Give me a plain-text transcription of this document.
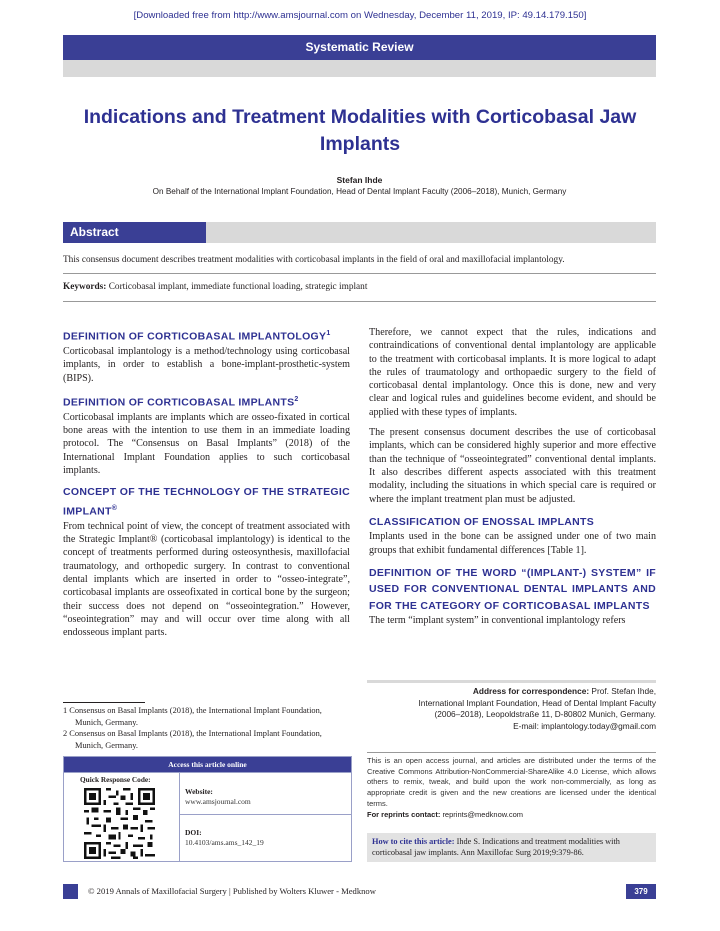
[Downloaded free from http://www.amsjournal.com on Wednesday, December 11, 2019, IP: 49.14.179.150]
Systematic Review
Indications and Treatment Modalities with Corticobasal Jaw Implants
Stefan Ihde
On Behalf of the International Implant Foundation, Head of Dental Implant Faculty (2006–2018), Munich, Germany
Abstract
This consensus document describes treatment modalities with corticobasal implants in the field of oral and maxillofacial implantology.
Keywords: Corticobasal implant, immediate functional loading, strategic implant
DEFINITION OF CORTICOBASAL IMPLANTOLOGY$^1$

Corticobasal implantology is a method/technology using corticobasal implants, in order to establish a bone-implant-prosthetic-system (BIPS).

DEFINITION OF CORTICOBASAL IMPLANTS$^2$

Corticobasal implants are implants which are osseo-fixated in cortical bone areas with the intention to use them in an immediate loading protocol. The “Consensus on Basal Implants” (2018) of the International Implant Foundation applies to such corticobasal implants.

CONCEPT OF THE TECHNOLOGY OF THE STRATEGIC IMPLANT®

From technical point of view, the concept of treatment associated with the Strategic Implant® (corticobasal implantology) is identical to the concept of treatments performed during osteosynthesis, maxillofacial traumatology, and orthopedic surgery. In contrast to conventional dental implants which are inserted in order to “osseo-integrate”, corticobasal implants are osseofixated in cortical bone by the surgeon; their success does not depend on “osseointegration.” However, “oseointegration” may and will occur over time along with all endosseous implant parts.

1 Consensus on Basal Implants (2018), the International Implant Foundation, Munich, Germany.
2 Consensus on Basal Implants (2018), the International Implant Foundation, Munich, Germany.

Therefore, we cannot expect that the rules, indications and contraindications of conventional dental implantology are applicable to the treatment with corticobasal implants. It is more logical to adapt the rules of traumatology and orthopaedic surgery to the field of corticobasal dental implantology. Once this is done, new and very clear and logical rules and guidelines become evident, and should be applied with these types of implants.

The present consensus document describes the use of corticobasal implants, which can be considered highly superior and more effective than the technique of “osseointegrated” conventional dental implants. It also describes different aspects associated with this treatment modality, including the situations in which special care is required or where the implant treatment plan must be adjusted.

CLASSIFICATION OF ENOSSAL IMPLANTS

Implants used in the bone can be assigned under one of two main groups that exhibit fundamental differences [Table 1].

DEFINITION OF THE WORD “(IMPLANT-) SYSTEM” IF USED FOR CONVENTIONAL DENTAL IMPLANTS AND FOR THE CATEGORY OF CORTICOBASAL IMPLANTS

The term “implant system” in conventional implantology refers

Address for correspondence: Prof. Stefan Ihde,
International Implant Foundation, Head of Dental Implant Faculty
(2006–2018), Leopoldstraße 11, D‑80802 Munich, Germany.
E‑mail: implantology.today@gmail.com
This is an open access journal, and articles are distributed under the terms of the Creative Commons Attribution-NonCommercial-ShareAlike 4.0 License, which allows others to remix, tweak, and build upon the work non-commercially, as long as appropriate credit is given and the new creations are licensed under the identical terms.
For reprints contact: reprints@medknow.com
How to cite this article: Ihde S. Indications and treatment modalities with corticobasal jaw implants. Ann Maxillofac Surg 2019;9:379-86.
Access this article online
Quick Response Code:
Website:
www.amsjournal.com
DOI:
10.4103/ams.ams_142_19
© 2019 Annals of Maxillofacial Surgery | Published by Wolters Kluwer - Medknow	379
